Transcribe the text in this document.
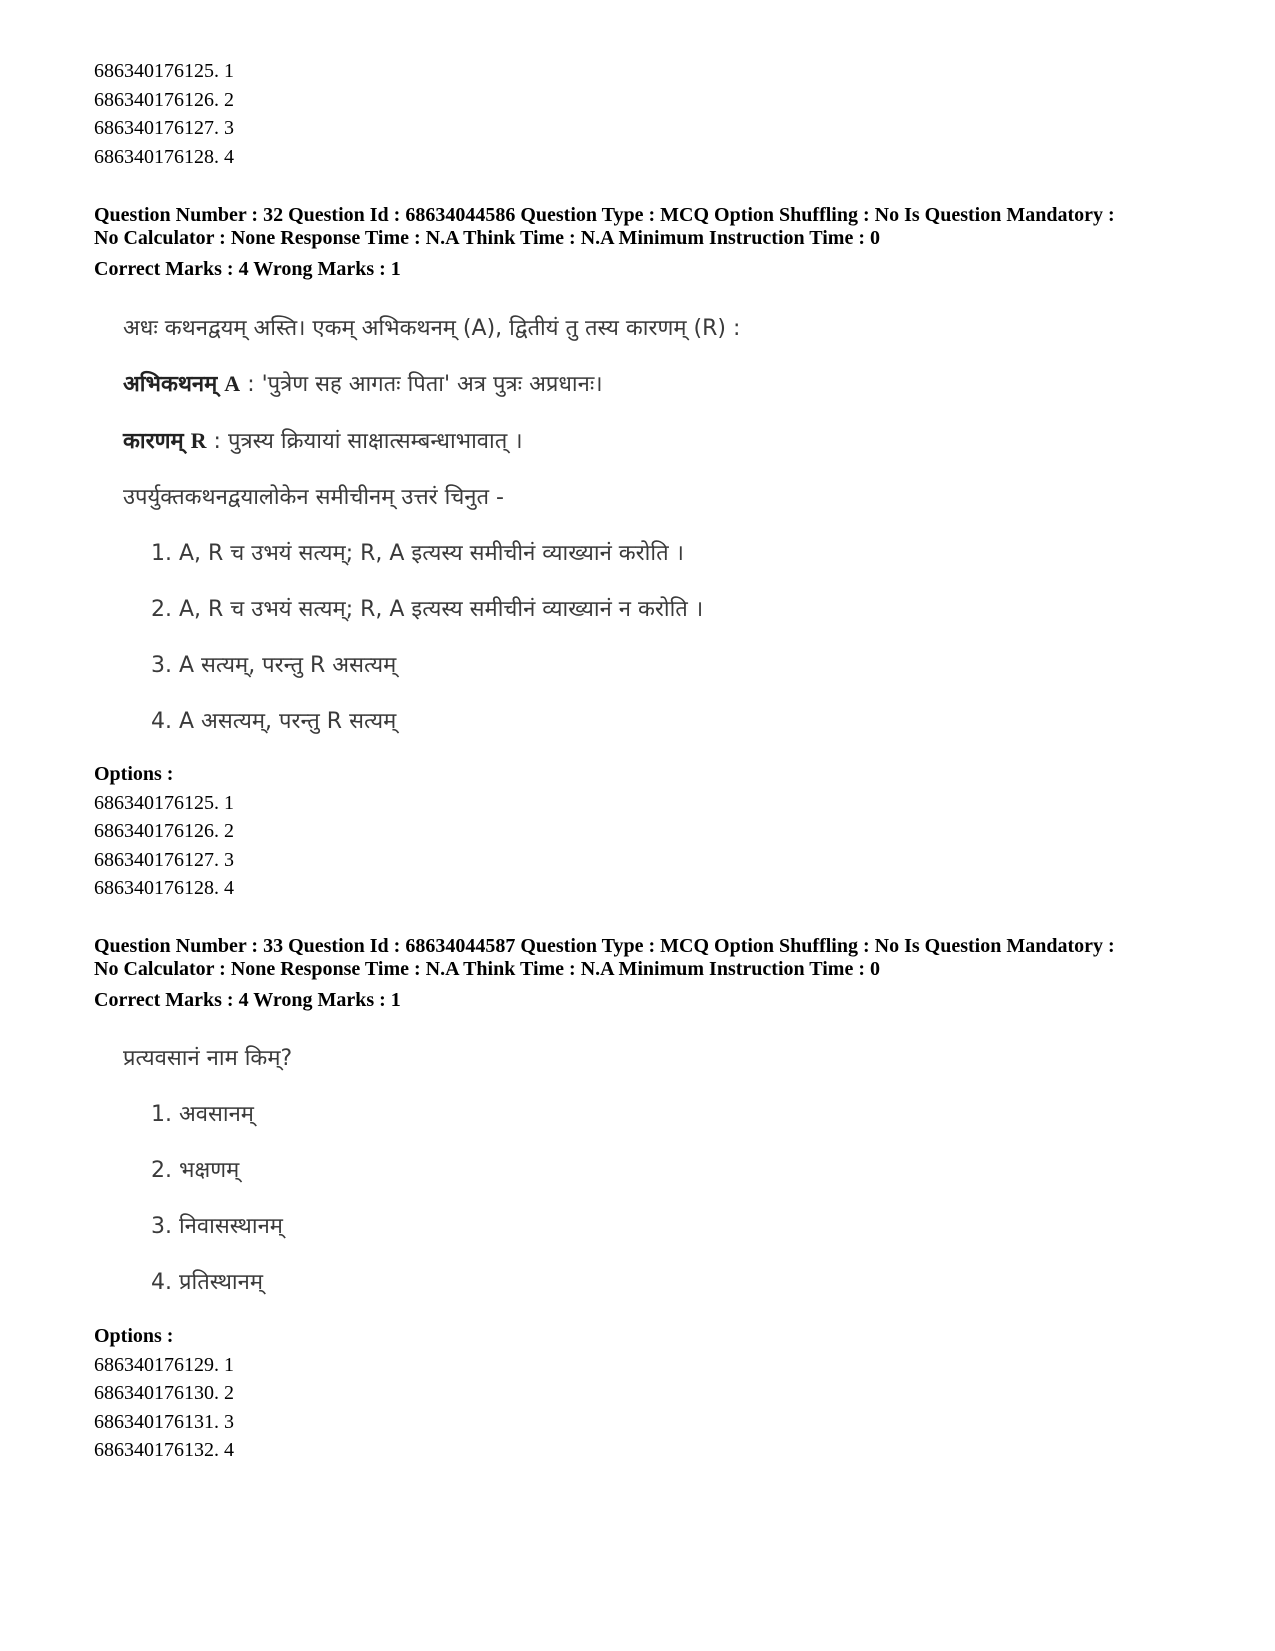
686340176125. 1
686340176126. 2
686340176127. 3
686340176128. 4
Question Number : 32 Question Id : 68634044586 Question Type : MCQ Option Shuffling : No Is Question Mandatory :
No Calculator : None Response Time : N.A Think Time : N.A Minimum Instruction Time : 0
Correct Marks : 4 Wrong Marks : 1
अधः कथनद्वयम् अस्ति। एकम् अभिकथनम् (A), द्वितीयं तु तस्य कारणम् (R) :
अभिकथनम् A : 'पुत्रेण सह आगतः पिता' अत्र पुत्रः अप्रधानः।
कारणम् R : पुत्रस्य क्रियायां साक्षात्सम्बन्धाभावात् ।
उपर्युक्तकथनद्वयालोकेन समीचीनम् उत्तरं चिनुत -
1. A, R च उभयं सत्यम्; R, A इत्यस्य समीचीनं व्याख्यानं करोति ।
2. A, R च उभयं सत्यम्; R, A इत्यस्य समीचीनं व्याख्यानं न करोति ।
3. A सत्यम्, परन्तु R असत्यम्
4. A असत्यम्, परन्तु R सत्यम्
Options :
686340176125. 1
686340176126. 2
686340176127. 3
686340176128. 4
Question Number : 33 Question Id : 68634044587 Question Type : MCQ Option Shuffling : No Is Question Mandatory :
No Calculator : None Response Time : N.A Think Time : N.A Minimum Instruction Time : 0
Correct Marks : 4 Wrong Marks : 1
प्रत्यवसानं नाम किम्?
1. अवसानम्
2. भक्षणम्
3. निवासस्थानम्
4. प्रतिस्थानम्
Options :
686340176129. 1
686340176130. 2
686340176131. 3
686340176132. 4
